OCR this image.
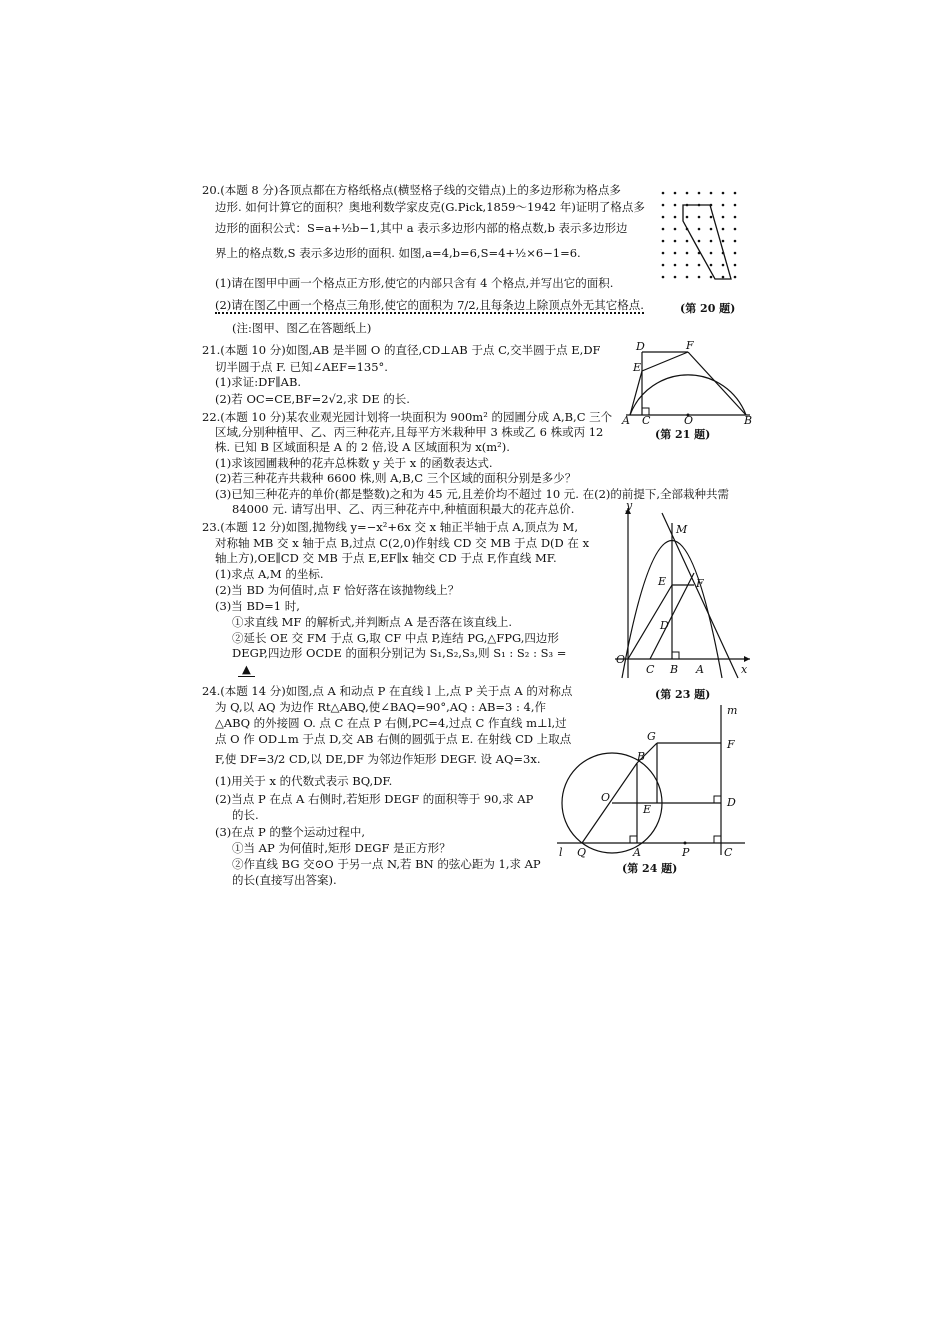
20.(本题 8 分)各顶点都在方格纸格点(横竖格子线的交错点)上的多边形称为格点多
边形. 如何计算它的面积？奥地利数学家皮克(G.Pick,1859～1942 年)证明了格点多
边形的面积公式：S=a+½b−1,其中 a 表示多边形内部的格点数,b 表示多边形边
界上的格点数,S 表示多边形的面积. 如图,a=4,b=6,S=4+½×6−1=6.
(1)请在图甲中画一个格点正方形,使它的内部只含有 4 个格点,并写出它的面积.
(2)请在图乙中画一个格点三角形,使它的面积为 7/2,且每条边上除顶点外无其它格点.
(注:图甲、图乙在答题纸上)
(第 20 题)
21.(本题 10 分)如图,AB 是半圆 O 的直径,CD⊥AB 于点 C,交半圆于点 E,DF
切半圆于点 F. 已知∠AEF=135°.
(1)求证:DF∥AB.
(2)若 OC=CE,BF=2√2,求 DE 的长.
D	F
E
A C	O	B
(第 21 题)
22.(本题 10 分)某农业观光园计划将一块面积为 900m² 的园圃分成 A,B,C 三个
区域,分别种植甲、乙、丙三种花卉,且每平方米栽种甲 3 株或乙 6 株或丙 12
株. 已知 B 区域面积是 A 的 2 倍,设 A 区域面积为 x(m²).
(1)求该园圃栽种的花卉总株数 y 关于 x 的函数表达式.
(2)若三种花卉共栽种 6600 株,则 A,B,C 三个区域的面积分别是多少？
(3)已知三种花卉的单价(都是整数)之和为 45 元,且差价均不超过 10 元. 在(2)的前提下,全部栽种共需
84000 元. 请写出甲、乙、丙三种花卉中,种植面积最大的花卉总价.
23.(本题 12 分)如图,抛物线 y=−x²+6x 交 x 轴正半轴于点 A,顶点为 M,
对称轴 MB 交 x 轴于点 B,过点 C(2,0)作射线 CD 交 MB 于点 D(D 在 x
轴上方),OE∥CD 交 MB 于点 E,EF∥x 轴交 CD 于点 F,作直线 MF.
(1)求点 A,M 的坐标.
(2)当 BD 为何值时,点 F 恰好落在该抛物线上？
(3)当 BD=1 时,
①求直线 MF 的解析式,并判断点 A 是否落在该直线上.
②延长 OE 交 FM 于点 G,取 CF 中点 P,连结 PG,△FPG,四边形
DEGP,四边形 OCDE 的面积分别记为 S₁,S₂,S₃,则 S₁ : S₂ : S₃ =
▲
y
M
E	F
D
O
C B A	x
(第 23 题)
24.(本题 14 分)如图,点 A 和动点 P 在直线 l 上,点 P 关于点 A 的对称点
为 Q,以 AQ 为边作 Rt△ABQ,使∠BAQ=90°,AQ : AB=3 : 4,作
△ABQ 的外接圆 O. 点 C 在点 P 右侧,PC=4,过点 C 作直线 m⊥l,过
点 O 作 OD⊥m 于点 D,交 AB 右侧的圆弧于点 E. 在射线 CD 上取点
F,使 DF=3/2 CD,以 DE,DF 为邻边作矩形 DEGF. 设 AQ=3x.
(1)用关于 x 的代数式表示 BQ,DF.
(2)当点 P 在点 A 右侧时,若矩形 DEGF 的面积等于 90,求 AP
的长.
(3)在点 P 的整个运动过程中,
①当 AP 为何值时,矩形 DEGF 是正方形？
②作直线 BG 交⊙O 于另一点 N,若 BN 的弦心距为 1,求 AP
的长(直接写出答案).
m
G
F
B
O
E
D
l Q	A	P	C
(第 24 题)
